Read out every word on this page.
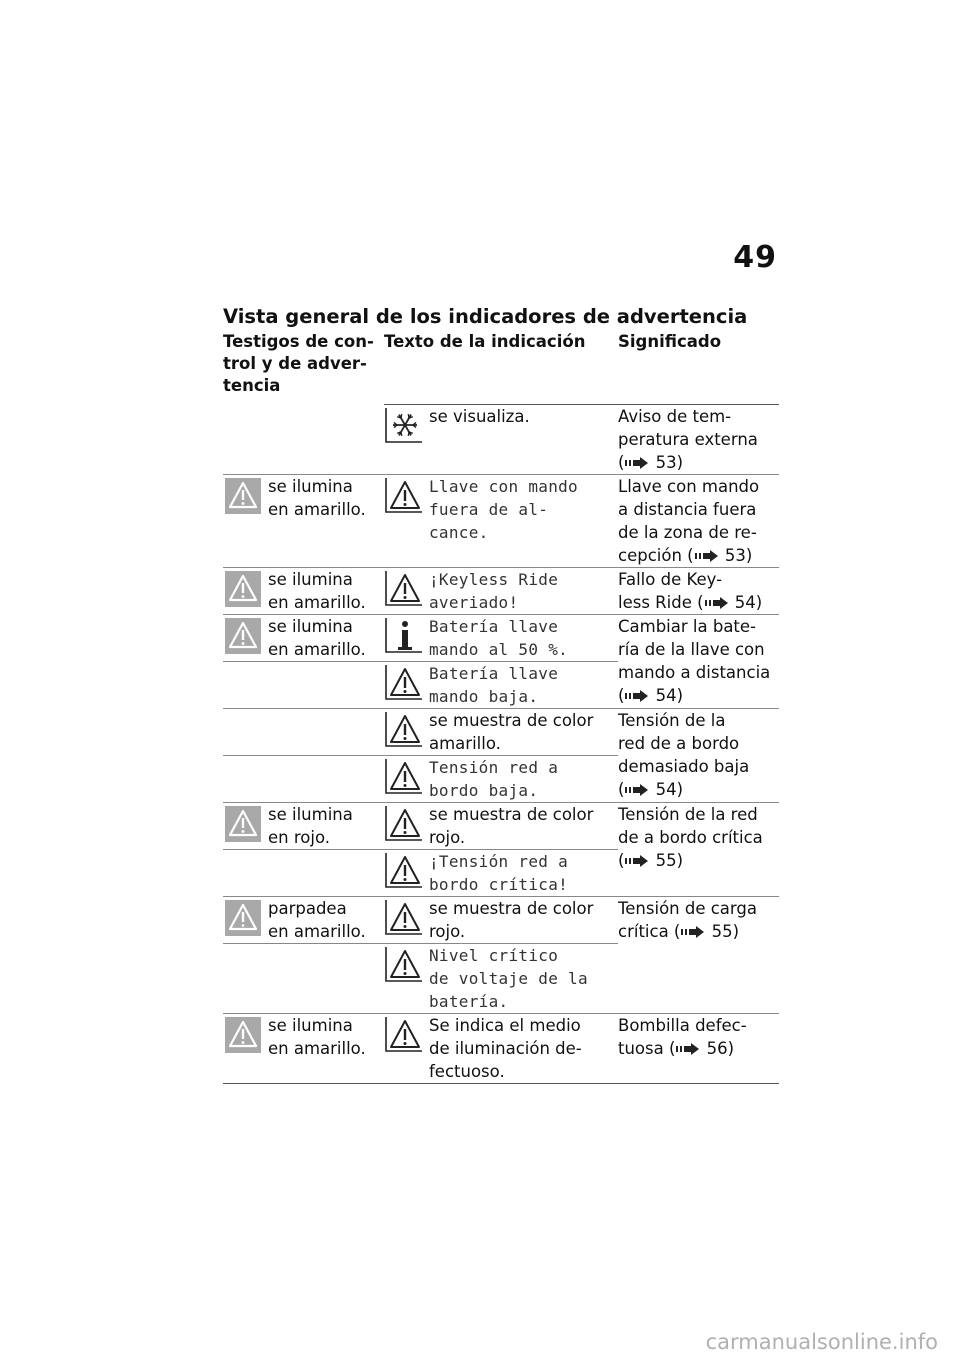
49
Vista general de los indicadores de advertencia
Testigos de con-
trol y de adver-
tencia
Texto de la indicación Significado
se visualiza.	Aviso de tem-
peratura externa
( 53)
se ilumina
en amarillo.
Llave con mando
fuera de al-
cance.
Llave con mando
a distancia fuera
de la zona de re-
cepción ( 53)
se ilumina
en amarillo.
¡Keyless Ride
averiado!
Fallo de Key-
less Ride ( 54)
se ilumina
en amarillo.
Batería llave
mando al 50 %.
Cambiar la bate-
ría de la llave con
mando a distancia
( 54)
Batería llave
mando baja.
se muestra de color
amarillo.
Tensión de la
red de a bordo
demasiado baja
( 54)
Tensión red a
bordo baja.
se ilumina
en rojo.
se muestra de color
rojo.
Tensión de la red
de a bordo crítica
( 55)
¡Tensión red a
bordo crítica!
parpadea
en amarillo.
se muestra de color
rojo.
Tensión de carga
crítica ( 55)
Nivel crítico
de voltaje de la
batería.
se ilumina
en amarillo.
Se indica el medio
de iluminación de-
fectuoso.
Bombilla defec-
tuosa ( 56)
carmanualsonline.info
